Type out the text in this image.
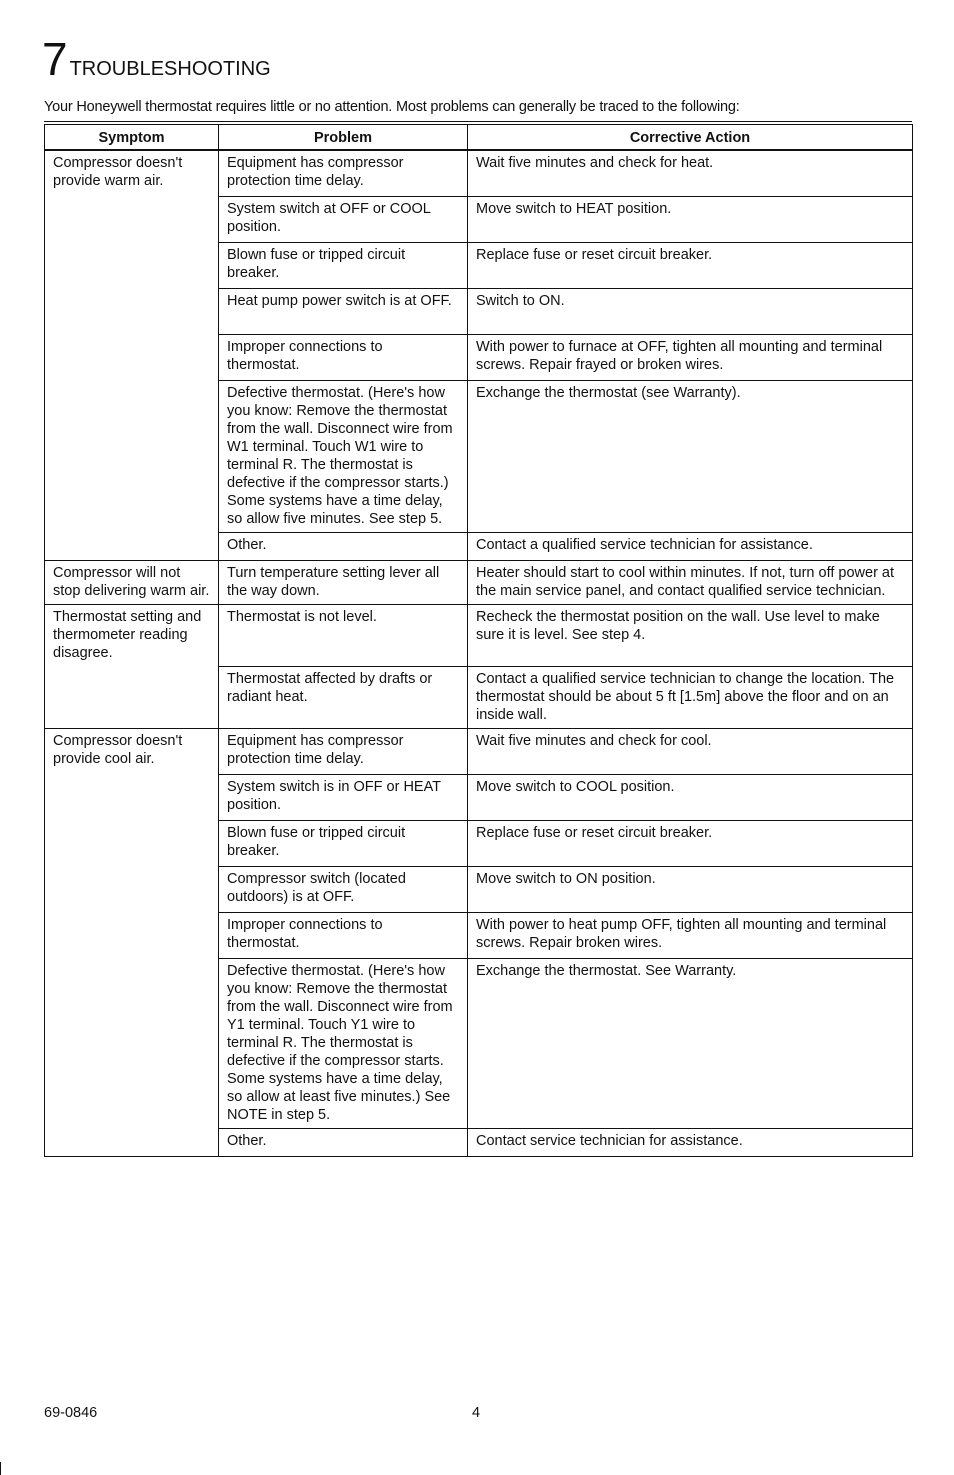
7 TROUBLESHOOTING
Your Honeywell thermostat requires little or no attention. Most problems can generally be traced to the following:
Symptom	Problem	Corrective Action
Compressor doesn't provide warm air.	Equipment has compressor protection time delay.	Wait five minutes and check for heat.
	System switch at OFF or COOL position.	Move switch to HEAT position.
	Blown fuse or tripped circuit breaker.	Replace fuse or reset circuit breaker.
	Heat pump power switch is at OFF.	Switch to ON.
	Improper connections to thermostat.	With power to furnace at OFF, tighten all mounting and terminal screws. Repair frayed or broken wires.
	Defective thermostat. (Here's how you know: Remove the thermostat from the wall. Disconnect wire from W1 terminal. Touch W1 wire to terminal R. The thermostat is defective if the compressor starts.) Some systems have a time delay, so allow five minutes. See step 5.	Exchange the thermostat (see Warranty).
	Other.	Contact a qualified service technician for assistance.
Compressor will not stop delivering warm air.	Turn temperature setting lever all the way down.	Heater should start to cool within minutes. If not, turn off power at the main service panel, and contact qualified service technician.
Thermostat setting and thermometer reading disagree.	Thermostat is not level.	Recheck the thermostat position on the wall. Use level to make sure it is level. See step 4.
	Thermostat affected by drafts or radiant heat.	Contact a qualified service technician to change the location. The thermostat should be about 5 ft [1.5m] above the floor and on an inside wall.
Compressor doesn't provide cool air.	Equipment has compressor protection time delay.	Wait five minutes and check for cool.
	System switch is in OFF or HEAT position.	Move switch to COOL position.
	Blown fuse or tripped circuit breaker.	Replace fuse or reset circuit breaker.
	Compressor switch (located outdoors) is at OFF.	Move switch to ON position.
	Improper connections to thermostat.	With power to heat pump OFF, tighten all mounting and terminal screws. Repair broken wires.
	Defective thermostat. (Here's how you know: Remove the thermostat from the wall. Disconnect wire from Y1 terminal. Touch Y1 wire to terminal R. The thermostat is defective if the compressor starts. Some systems have a time delay, so allow at least five minutes.) See NOTE in step 5.	Exchange the thermostat. See Warranty.
	Other.	Contact service technician for assistance.
69-0846	4
